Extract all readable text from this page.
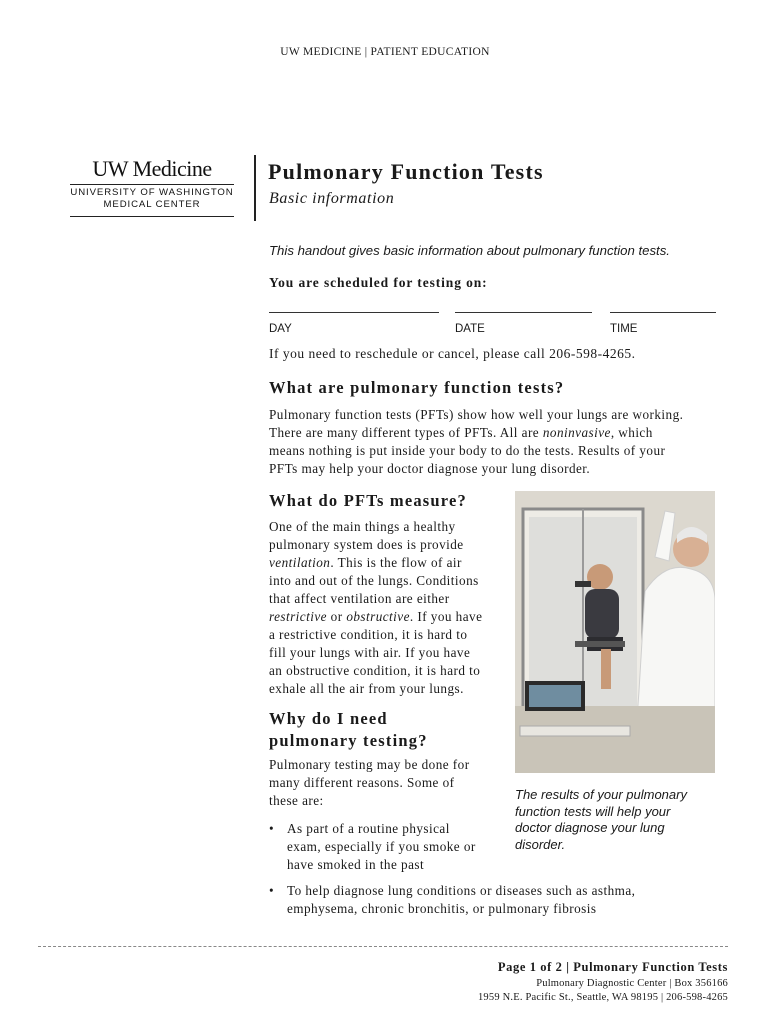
UW MEDICINE | PATIENT EDUCATION
UW Medicine
UNIVERSITY OF WASHINGTON
MEDICAL CENTER
Pulmonary Function Tests
Basic information
This handout gives basic information about pulmonary function tests.
You are scheduled for testing on:
DAY	DATE	TIME
If you need to reschedule or cancel, please call 206-598-4265.
What are pulmonary function tests?
Pulmonary function tests (PFTs) show how well your lungs are working.
There are many different types of PFTs. All are noninvasive, which
means nothing is put inside your body to do the tests. Results of your
PFTs may help your doctor diagnose your lung disorder.
What do PFTs measure?
One of the main things a healthy
pulmonary system does is provide
ventilation. This is the flow of air
into and out of the lungs. Conditions
that affect ventilation are either
restrictive or obstructive. If you have
a restrictive condition, it is hard to
fill your lungs with air. If you have
an obstructive condition, it is hard to
exhale all the air from your lungs.
The results of your pulmonary
function tests will help your
doctor diagnose your lung
disorder.
Why do I need
pulmonary testing?
Pulmonary testing may be done for
many different reasons. Some of
these are:
• As part of a routine physical
exam, especially if you smoke or
have smoked in the past
• To help diagnose lung conditions or diseases such as asthma,
emphysema, chronic bronchitis, or pulmonary fibrosis
Page 1 of 2 | Pulmonary Function Tests
Pulmonary Diagnostic Center | Box 356166
1959 N.E. Pacific St., Seattle, WA 98195 | 206-598-4265
